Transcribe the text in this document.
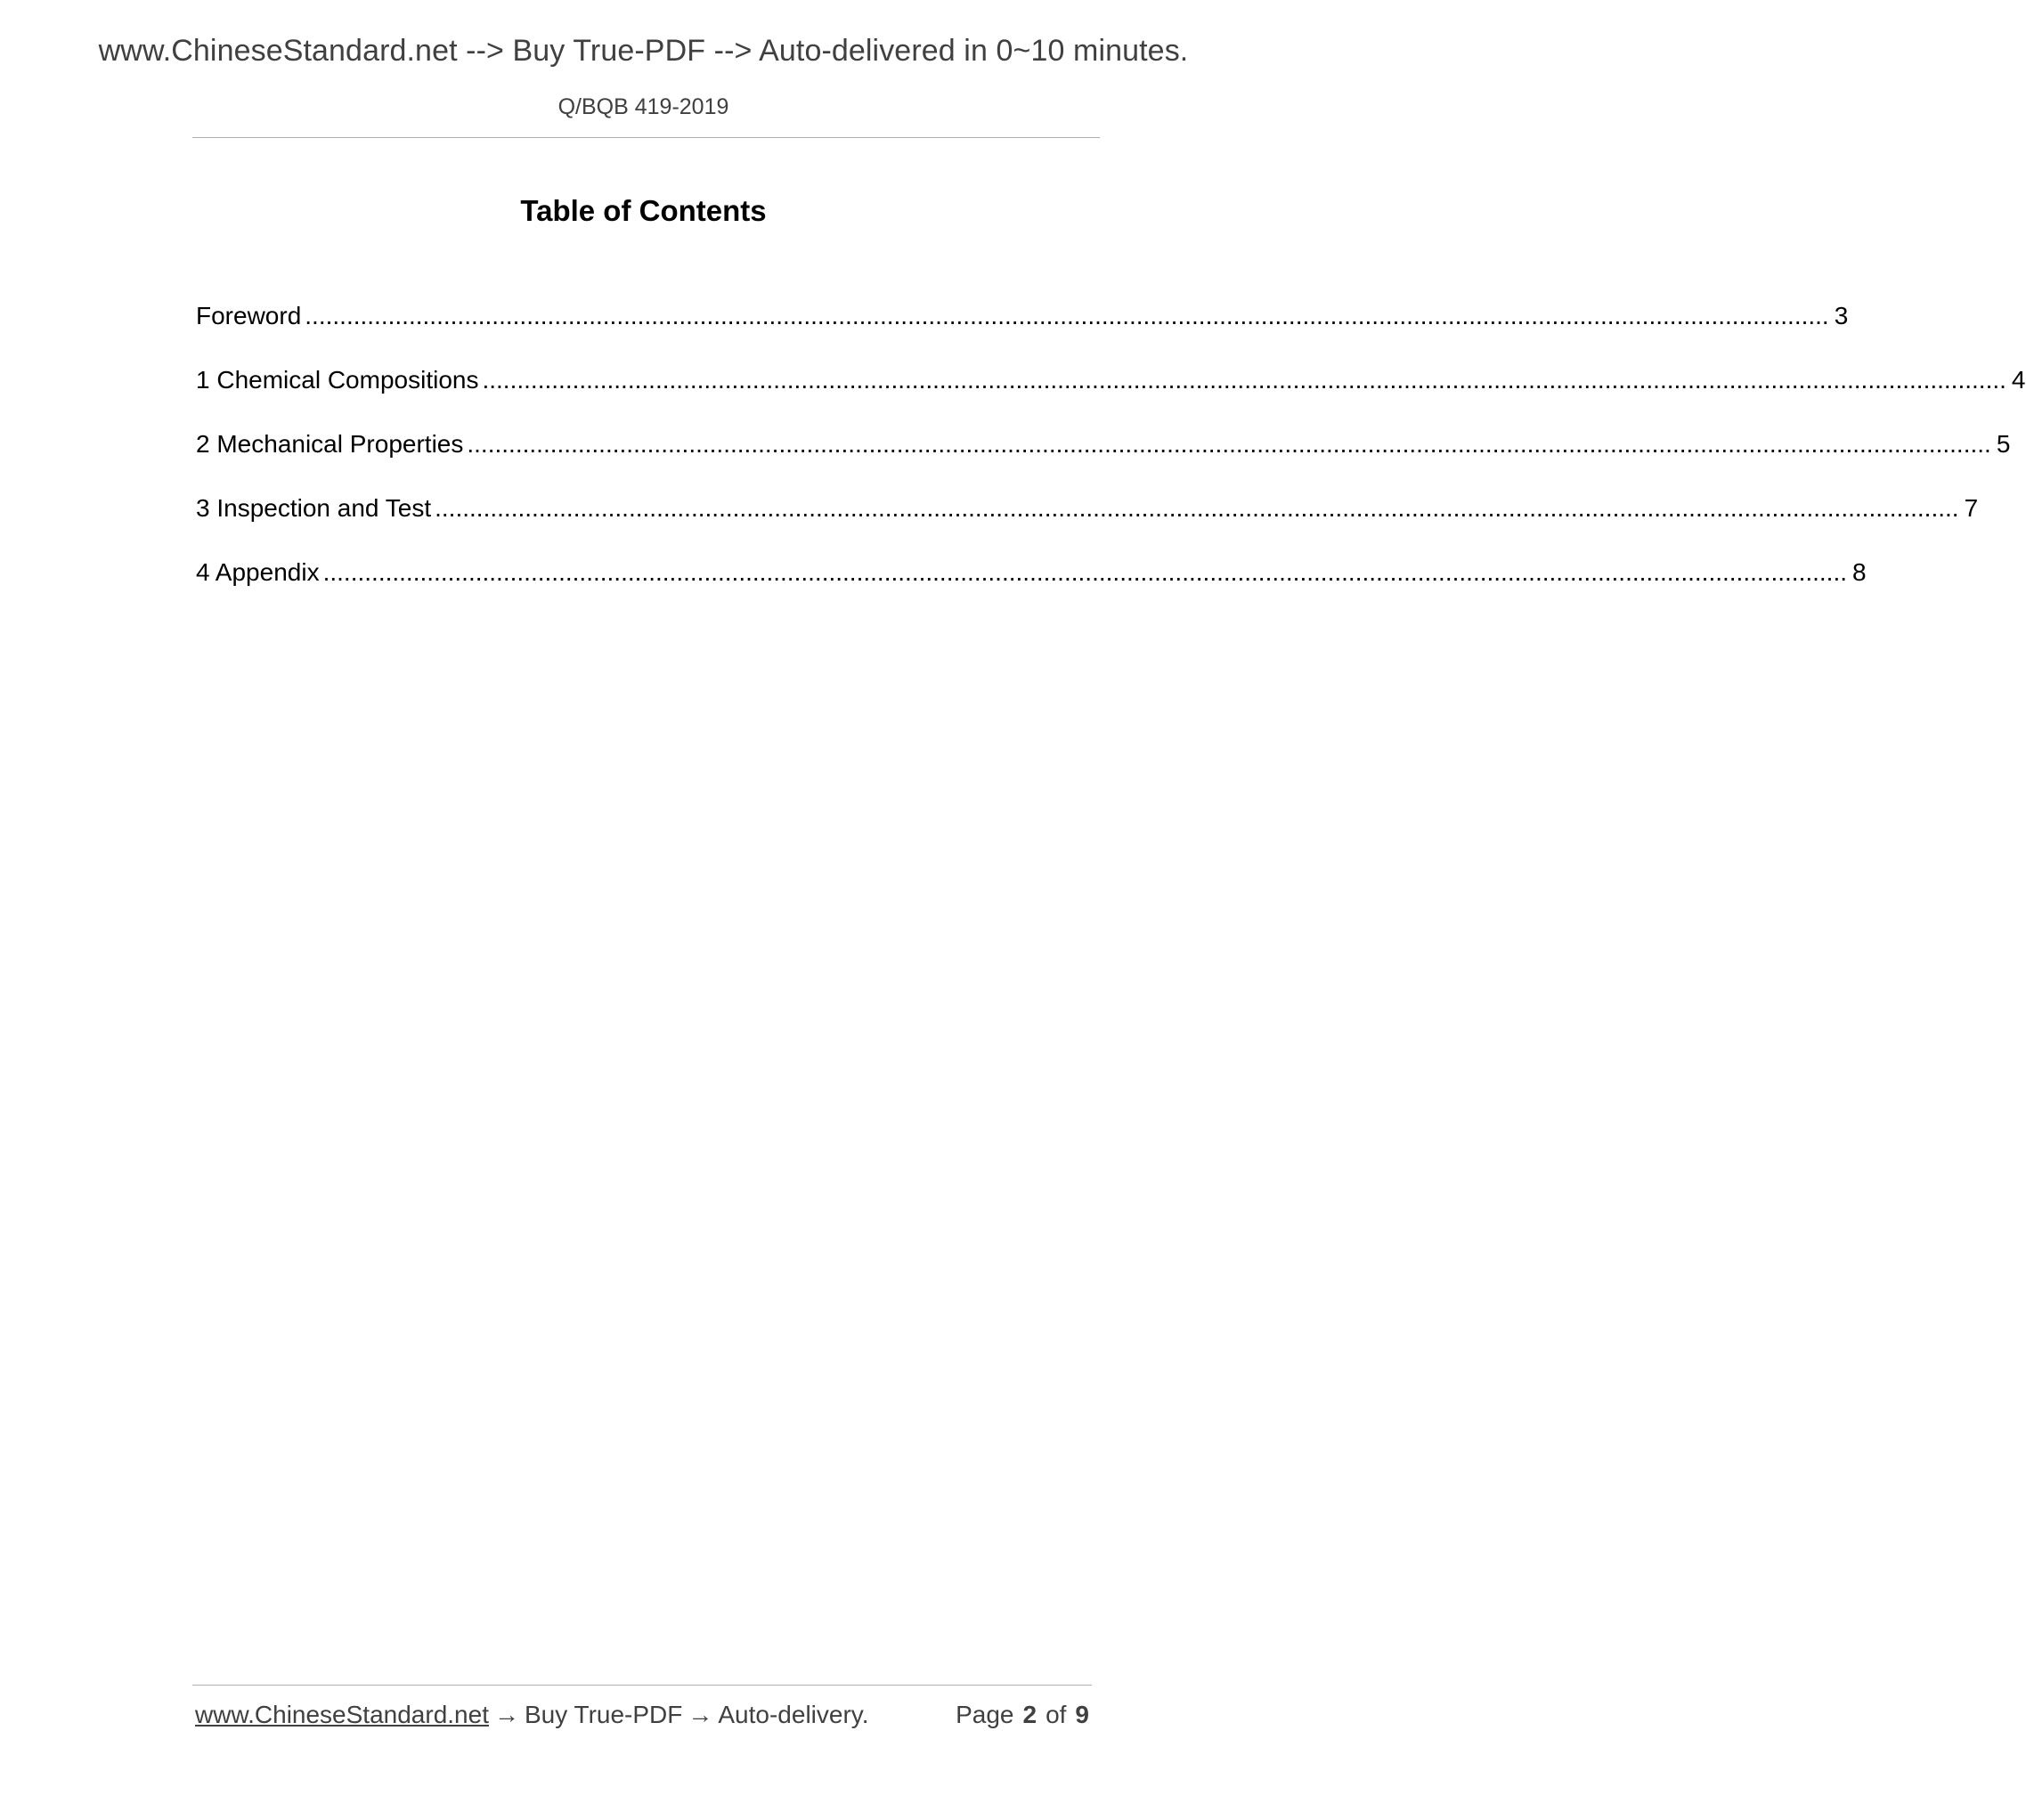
www.ChineseStandard.net --> Buy True-PDF --> Auto-delivered in 0~10 minutes.
Q/BQB 419-2019
Table of Contents
Foreword ............................................................................................................................................................................................................................ 3
1 Chemical Compositions ............................................................................................................................................................................................................................ 4
2 Mechanical Properties ............................................................................................................................................................................................................................ 5
3 Inspection and Test ............................................................................................................................................................................................................................ 7
4 Appendix ............................................................................................................................................................................................................................ 8
www.ChineseStandard.net → Buy True-PDF → Auto-delivery.	Page 2 of 9
